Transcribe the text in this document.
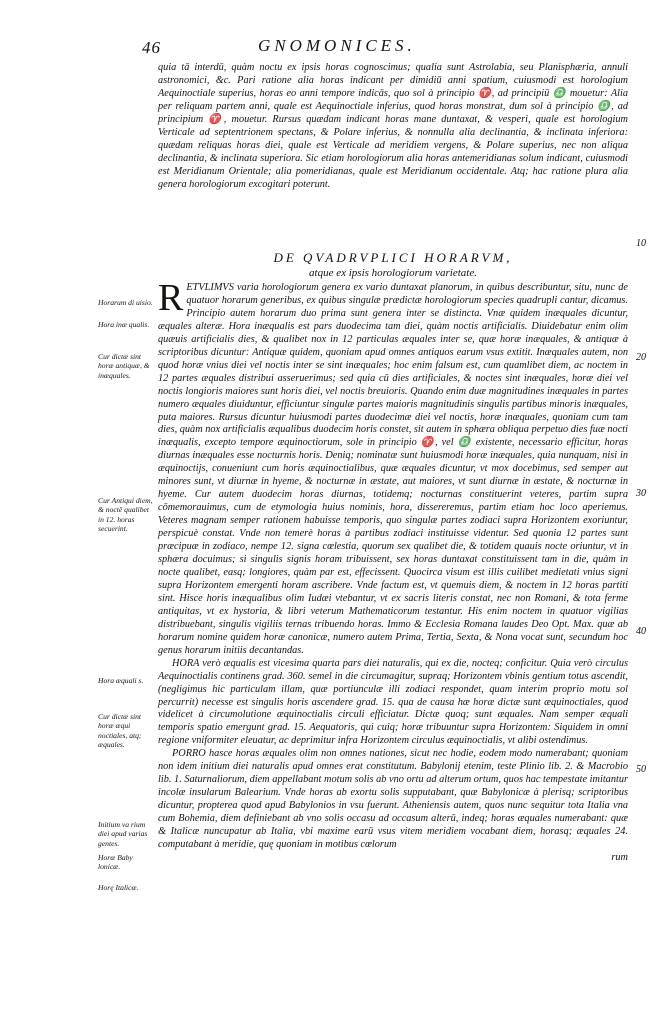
46	GNOMONICES.

quia tā interdū, quàm noctu ex ipsis horas cognoscimus; qualia sunt Astrolabia, seu Planisphæria, annuli astronomici, &c. Pari ratione alia horas indicant per dimidiū anni spatium, cuiusmodi est horologium Aequinoctiale superius, horas eo anni tempore indicās, quo sol à principio ♈, ad principiū ♎ mouetur: Alia per reliquam partem anni, quale est Aequinoctiale inferius, quod horas monstrat, dum sol à principio ♎, ad principium ♈, mouetur. Rursus quædam indicant horas mane duntaxat, & vesperi, quale est horologium Verticale ad septentrionem spectans, & Polare inferius, & nonnulla alia declinantia, & inclinata inferiora: quædam reliquas horas diei, quale est Verticale ad meridiem vergens, & Polare superius, nec non aliqua declinantia, & inclinata superiora. Sic etiam horologiorum alia horas antemeridianas solum indicant, cuiusmodi est Meridianum Orientale; alia pomeridianas, quale est Meridianum occidentale. Atq; hac ratione plura alia genera horologiorum excogitari poterunt.

DE QVADRVPLICI HORARVM,
atque ex ipsis horologiorum varietate.

RETVLIMVS varia horologiorum genera ex vario duntaxat planorum, in quibus describuntur, situ, nunc de quatuor horarum generibus, ex quibus singulæ prædictæ horologiorum species quadrupli cantur, dicamus. Principio autem horarum duo prima sunt genera inter se distincta. Vnæ quidem inæquales dicuntur, æquales alteræ. Hora inæqualis est pars duodecima tam diei, quàm noctis artificialis. Diuidebatur enim olim quæuis artificialis dies, & qualibet nox in 12 particulas æquales inter se, quæ horæ inæquales, & antiquæ à scriptoribus dicuntur: Antiquæ quidem, quoniam apud omnes antiquos earum vsus extitit. Inæquales autem, non quod horæ vnius diei vel noctis inter se sint inæquales; hoc enim falsum est, cum quamlibet diem, ac noctem in 12 partes æquales distribui asseruerimus; sed quia cū dies artificiales, & noctes sint inæquales, horæ diei vel noctis longioris maiores sunt horis diei, vel noctis breuioris. Quando enim duæ magnitudines inæquales in partes numero æquales diuiduntur, efficiuntur singulæ partes maioris magnitudinis singulis partibus minoris inæquales, puta maiores. Rursus dicuntur huiusmodi partes duodecimæ diei vel noctis, horæ inæquales, quoniam cum tam dies, quàm nox artificialis æqualibus duodecim horis constet, sit autem in sphæra obliqua perpetuo dies fuæ nocti inæqualis, excepto tempore æquinoctiorum, sole in principio ♈, vel ♎ existente, necessario efficitur, horas diurnas inæquales esse nocturnis horis. Deniq; nominatæ sunt huiusmodi horæ inæquales, quia nunquam, nisi in æquinoctijs, conueniunt cum horis æquinoctialibus, quæ æquales dicuntur, vt mox docebimus, sed semper aut minores sunt, vt diurnæ in hyeme, & nocturnæ in æstate, aut maiores, vt sunt diurnæ in æstate, & nocturnæ in hyeme. Cur autem duodecim horas diurnas, totidemq; nocturnas constituerint veteres, partim supra cōmemorauimus, cum de etymologia huius nominis, hora, dissereremus, partim etiam hoc loco aperiemus. Veteres magnam semper rationem habuisse temporis, quo singulæ partes zodiaci supra Horizontem exoriuntur, perspicuè constat. Vnde non temerè horas à partibus zodiaci instituisse videntur. Sed quonia 12 partes sunt præcipuæ in zodiaco, nempe 12. signa cœlestia, quorum sex qualibet die, & totidem quauis nocte oriuntur, vt in sphæra docuimus; si singulis signis horam tribuissent, sex horas duntaxat constituissent tam in die, quàm in nocte qualibet, easq; longiores, quàm par est, effecissent. Quocirca visum est illis cuilibet medietati vnius signi supra Horizontem emergenti horam ascribere. Vnde factum est, vt quemuis diem, & noctem in 12 horas partiti sint. Hisce horis inæqualibus olim Iudæi vtebantur, vt ex sacris literis constat, nec non Romani, & tota ferme antiquitas, vt ex hystoria, & libri veterum Mathematicorum testantur. His enim noctem in quatuor vigilias distribuebant, singulis vigiliis ternas tribuendo horas. Immo & Ecclesia Romana laudes Deo Opt. Max. quæ ab horarum nomine quidem horæ canonicæ, numero autem Prima, Tertia, Sexta, & Nona vocat sunt, secundum hoc genus horarum initiis decantandas.

HORA verò æqualis est vicesima quarta pars diei naturalis, qui ex die, nocteq; conficitur. Quia verò circulus Aequinoctialis continens grad. 360. semel in die circumagitur, supraq; Horizontem vbinis gentium totus ascendit, (negligimus hic particulam illam, quæ portiunculæ illi zodiaci respondet, quam interim proprio motu sol percurrit) necesse est singulis horis ascendere grad. 15. qua de causa hæ horæ dictæ sunt æquinoctiales, quod videlicet à circumolutione æquinoctialis circuli efficiatur. Dictæ quoq; sunt æquales. Nam semper æquali temporis spatio emergunt grad. 15. Aequatoris, qui cuiq; horæ tribuuntur supra Horizontem: Siquidem in omni regione vniformiter eleuatur, ac deprimitur infra Horizontem circulus æquinoctialis, vt alibi ostendimus.

PORRO hasce horas æquales olim non omnes nationes, sicut nec hodie, eodem modo numerabant; quoniam non idem initium diei naturalis apud omnes erat constitutum. Babylonij etenim, teste Plinio lib. 2. & Macrobio lib. 1. Saturnaliorum, diem appellabant motum solis ab vno ortu ad alterum ortum, quos hac tempestate imitantur incolæ insularum Balearium. Vnde horas ab exortu solis supputabant, quæ Babylonicæ à plerisq; scriptoribus dicuntur, propterea quod apud Babylonios in vsu fuerunt. Atheniensis autem, quos nunc sequitur tota Italia vna cum Bohemia, diem definiebant ab vno solis occasu ad occasum alterū, indeq; horas æquales numerabant: quæ & Italicæ nuncupatur ab Italia, vbi maxime earū vsus vitem meridiem vocabant diem, horasq; æquales 24. computabant à meridie, quę quoniam in motibus cœlorum

rum

Horarum di uisio.
Hora inæ qualis.
Cur dictæ sint horæ antiquæ, & inæquales.
Cur Antiqui diem, & noctē qualibet in 12. horas secuerint.
Hora æquali s.
Cur dictæ sint horæ æqui noctiales, atq; æquales.
Initium va rium diei apud varias gentes.
Horæ Baby lonicæ.
Horę Italicæ.
10
20
30
40
50
